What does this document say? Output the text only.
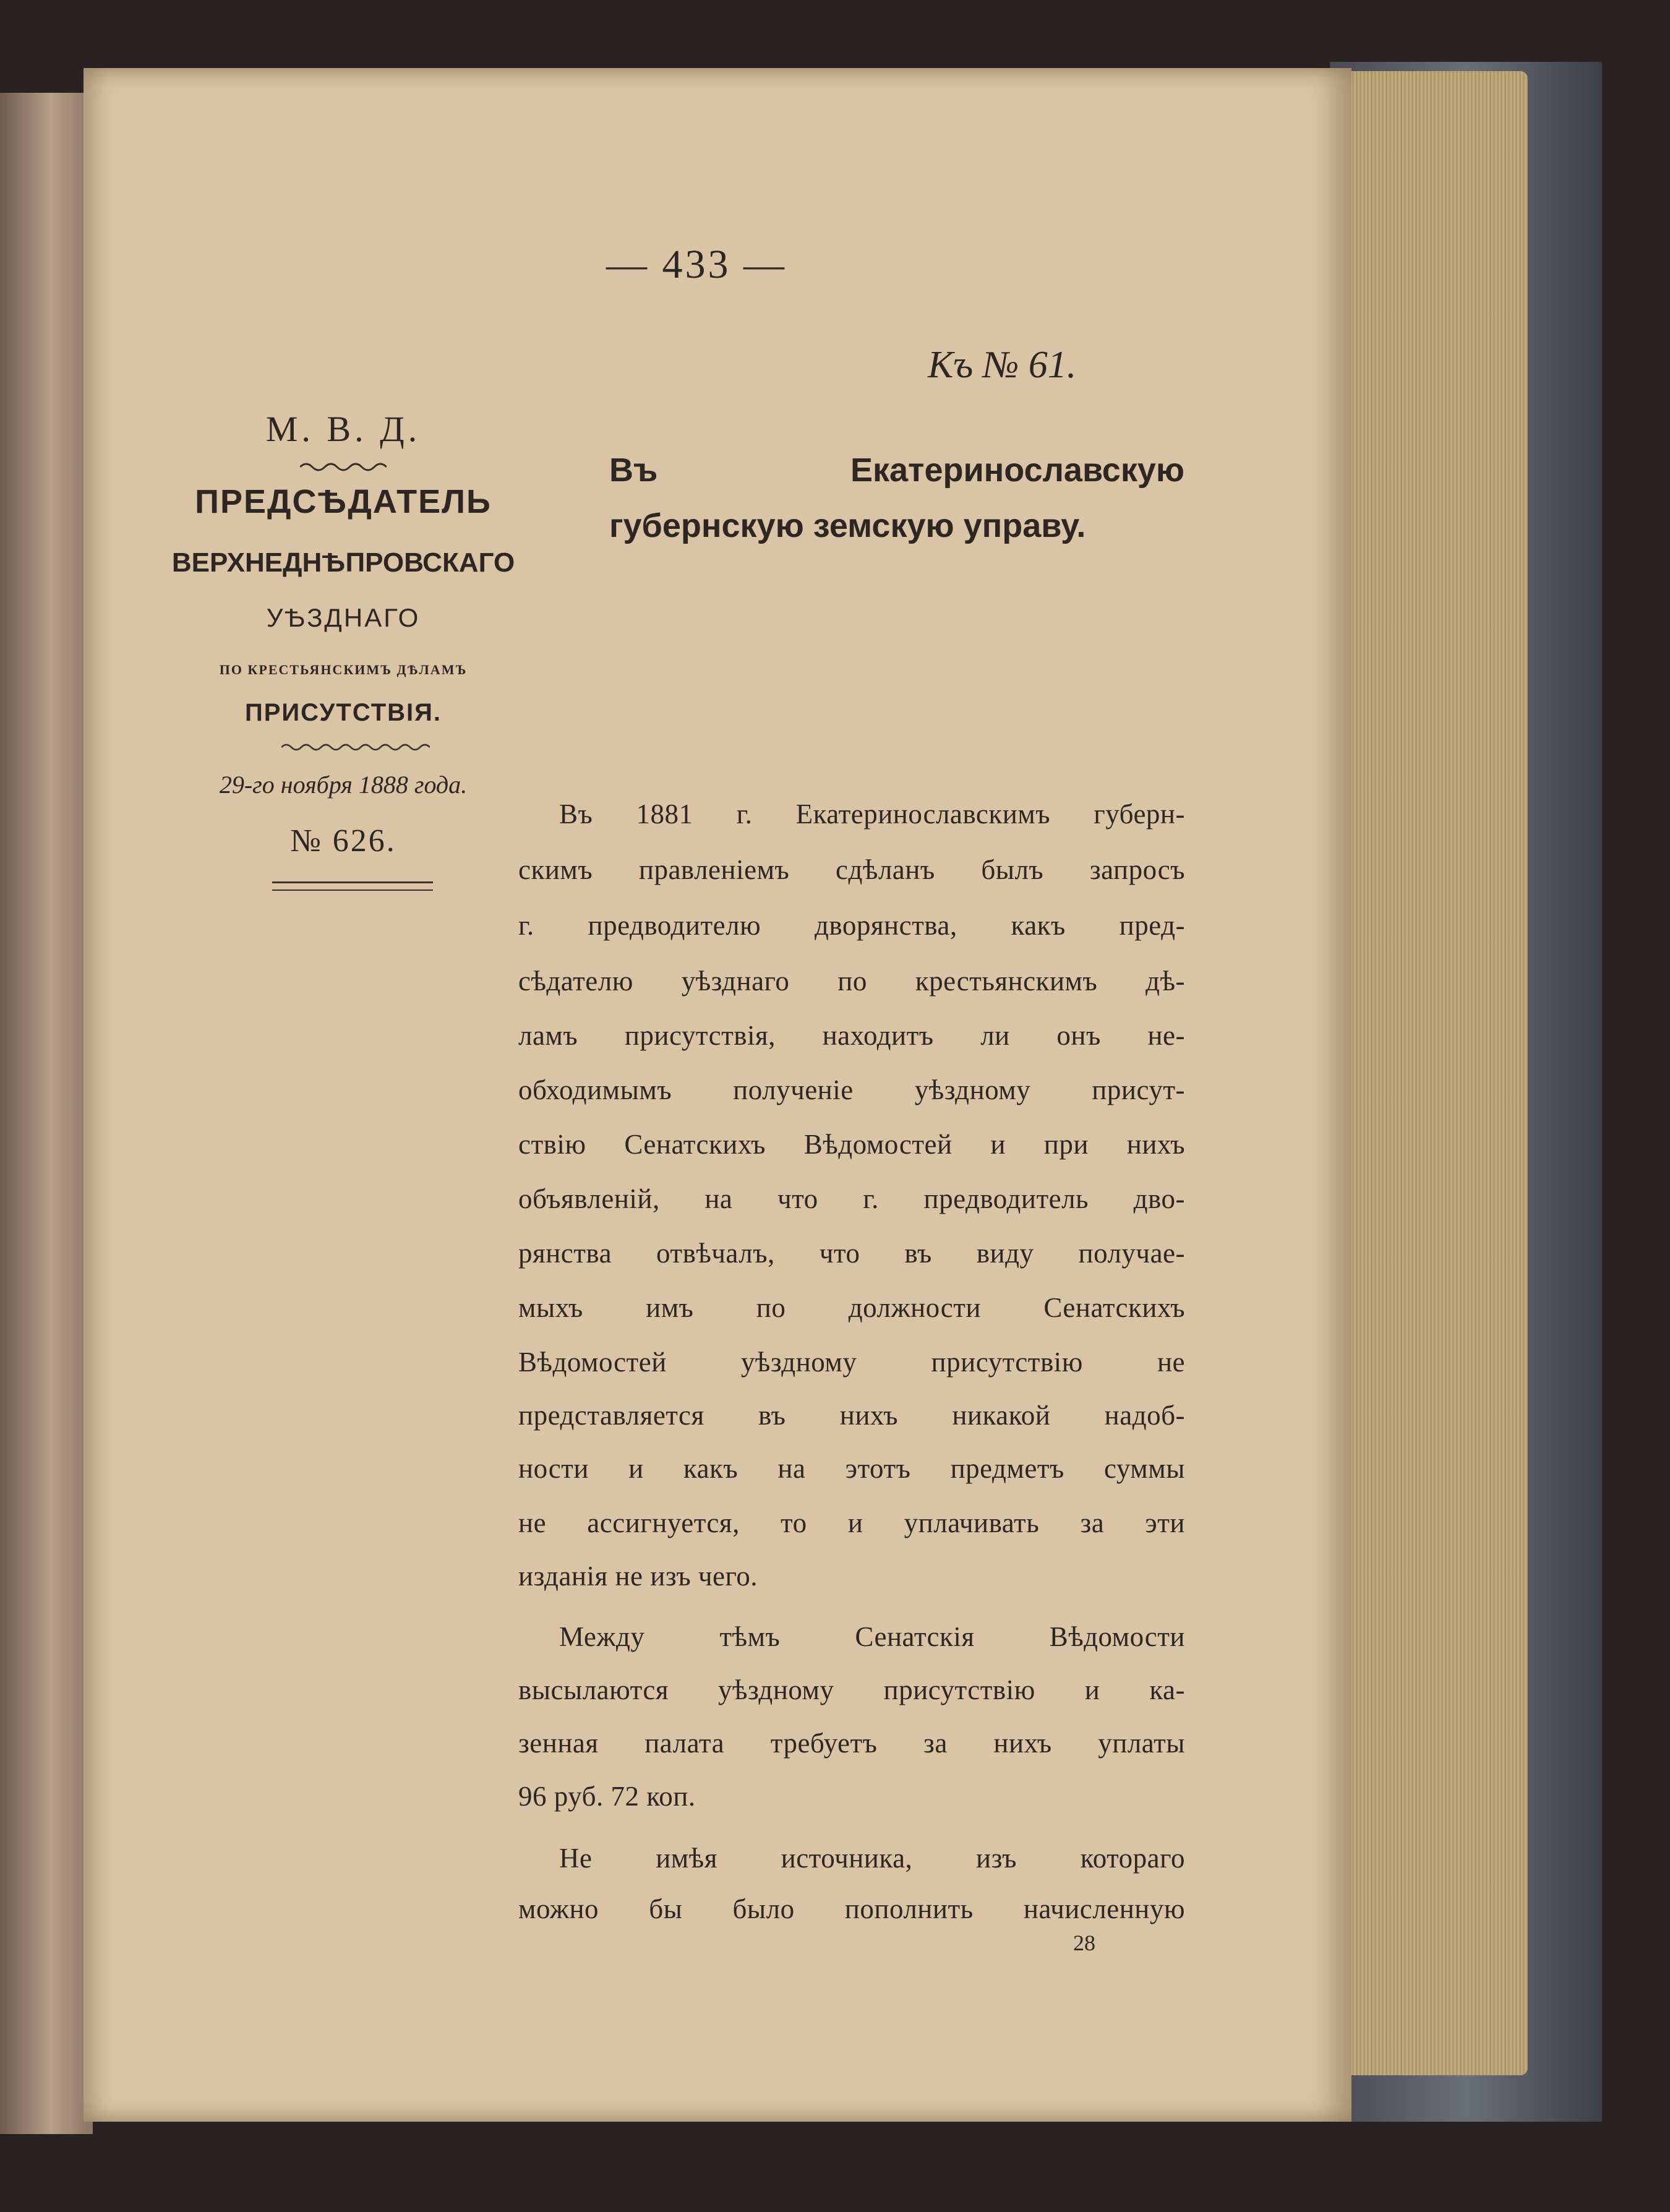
— 433 —
Къ № 61.
М. В. Д.
ПРЕДСѢДАТЕЛЬ
ВЕРХНЕДНѢПРОВСКАГО
УѢЗДНАГО
ПО КРЕСТЬЯНСКИМЪ ДѢЛАМЪ
ПРИСУТСТВІЯ.
29-го ноября 1888 года.
№ 626.
Въ Екатеринославскую губернскую земскую управу.
Въ 1881 г. Екатеринославскимъ губерн-
скимъ правленіемъ сдѣланъ былъ запросъ
г. предводителю дворянства, какъ пред-
сѣдателю уѣзднаго по крестьянскимъ дѣ-
ламъ присутствія, находитъ ли онъ не-
обходимымъ полученіе уѣздному присут-
ствію Сенатскихъ Вѣдомостей и при нихъ
объявленій, на что г. предводитель дво-
рянства отвѣчалъ, что въ виду получае-
мыхъ имъ по должности Сенатскихъ
Вѣдомостей уѣздному присутствію не
представляется въ нихъ никакой надоб-
ности и какъ на этотъ предметъ суммы
не ассигнуется, то и уплачивать за эти
изданія не изъ чего.
Между тѣмъ Сенатскія Вѣдомости
высылаются уѣздному присутствію и ка-
зенная палата требуетъ за нихъ уплаты
96 руб. 72 коп.
Не имѣя источника, изъ котораго
можно бы было пополнить начисленную
28
